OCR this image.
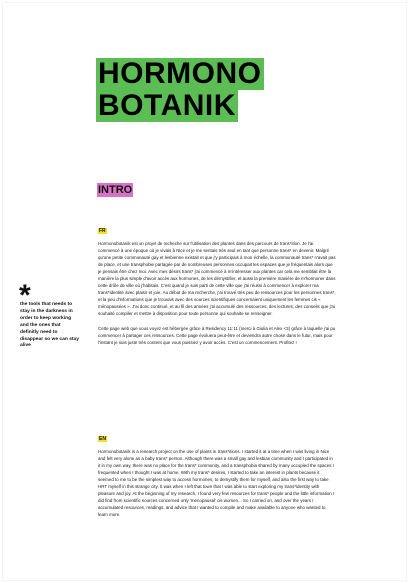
HORMONO
BOTANIK
INTRO
FR

Hormonobotanik est un projet de recheche sur l'utilisation des plantes dans des parcours de trans*ition. Je l'ai commencé à une époque où je vivais à Nice et je me sentais très seul en tant que personne trans* en devenir. Malgré qu'une petite communauté gay et lesbienne existait et que j'y participais à mon échelle, la communauté trans* n'avait pas de place, et une transphobie partagée par de nombreuses personnes occupait les espaces que je fréquentais alors que je pensais être chez moi. Avec mes désirs trans* j'ai commencé à m'intéresser aux plantes car cela me semblait être la manière la plus simple d'avoir accès aux hormones, de les démystifier, et aussi la première manière de m'hormoner dans cette drôle de ville où j'habitais. C'est quand je suis parti de cette ville que j'ai réussi à commencer à explorer ma trans*identité avec plaisir et joie. Au début de ma recherche, j'ai trouvé très peu de ressources pour les personnes trans*, et la peu d'informations que je trouvais avec des sources scientifiques concernaient uniquement les femmes cis « ménopausées ». J'ai donc continué, et au fil des années j'ai accumulé des ressources, des lectures, des conseils que j'ai souhaité compiler et mettre à disposition pour toute personne qui souhaite se renseigner.

Cette page web que vous voyez est hébergée grâce à Residency 11:11 (merci à Giulia et Alex <3) grâce à laquelle j'ai pu commencer à partager ces ressources. Cette page évoluera peut-être et deviendra autre chose dans le futur, mais pour l'instant je suis juste très content que vous puissiez y avoir accès. C'est un commencement. Profitez !

*
the tools that needs to stay in the darkness in order to keep working and the ones that definitly need to disappear so we can stay alive
EN

Hormonobotanik is a research project on the use of plants in trans*itions. I started it at a time when I was living in Nice and felt very alone as a baby trans* person. Although there was a small gay and lesbian community and I participated in it in my own way, there was no place for the trans* community, and a transphobia shared by many occupied the spaces I frequented when I thought I was at home. With my trans* desires, I started to take an interest in plants because it seemed to me to be the simplest way to access hormones, to demystify them for myself, and also the first way to take HRT myself in this strange city. It was when I left that town that I was able to start exploring my trans*identity with pleasure and joy. At the beginning of my research, I found very few resources for trans* people and the little information I did find from scientific sources concerned only 'menopausal' cis women... So I carried on, and over the years I accumulated resources, readings, and advice that I wanted to compile and make available to anyone who wanted to learn more.
